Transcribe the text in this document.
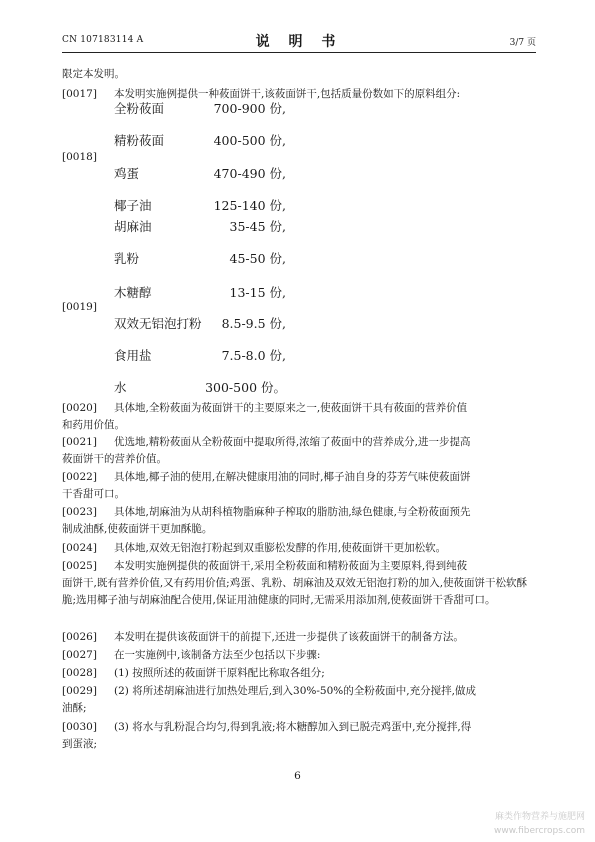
CN 107183114 A	说 明 书	3/7 页
限定本发明。
[0017] 本发明实施例提供一种莜面饼干,该莜面饼干,包括质量份数如下的原料组分:
[0018]
[0019]
全粉莜面	700-900 份,
精粉莜面	400-500 份,
鸡蛋	470-490 份,
椰子油	125-140 份,
胡麻油	35-45 份,
乳粉	45-50 份,
木糖醇	13-15 份,
双效无铝泡打粉	8.5-9.5 份,
食用盐	7.5-8.0 份,
水	300-500 份。
[0020] 具体地,全粉莜面为莜面饼干的主要原来之一,使莜面饼干具有莜面的营养价值
和药用价值。
[0021] 优选地,精粉莜面从全粉莜面中提取所得,浓缩了莜面中的营养成分,进一步提高
莜面饼干的营养价值。
[0022] 具体地,椰子油的使用,在解决健康用油的同时,椰子油自身的芬芳气味使莜面饼
干香甜可口。
[0023] 具体地,胡麻油为从胡科植物脂麻种子榨取的脂肪油,绿色健康,与全粉莜面预先
制成油酥,使莜面饼干更加酥脆。
[0024] 具体地,双效无铝泡打粉起到双重膨松发酵的作用,使莜面饼干更加松软。
[0025] 本发明实施例提供的莜面饼干,采用全粉莜面和精粉莜面为主要原料,得到纯莜
面饼干,既有营养价值,又有药用价值;鸡蛋、乳粉、胡麻油及双效无铝泡打粉的加入,使莜面饼干松软酥脆;选用椰子油与胡麻油配合使用,保证用油健康的同时,无需采用添加剂,使莜面饼干香甜可口。
[0026] 本发明在提供该莜面饼干的前提下,还进一步提供了该莜面饼干的制备方法。
[0027] 在一实施例中,该制备方法至少包括以下步骤:
[0028] (1) 按照所述的莜面饼干原料配比称取各组分;
[0029] (2) 将所述胡麻油进行加热处理后,到入30%-50%的全粉莜面中,充分搅拌,做成
油酥;
[0030] (3) 将水与乳粉混合均匀,得到乳液;将木糖醇加入到已脱壳鸡蛋中,充分搅拌,得
到蛋液;
6
麻类作物营养与施肥网
www.fibercrops.com
